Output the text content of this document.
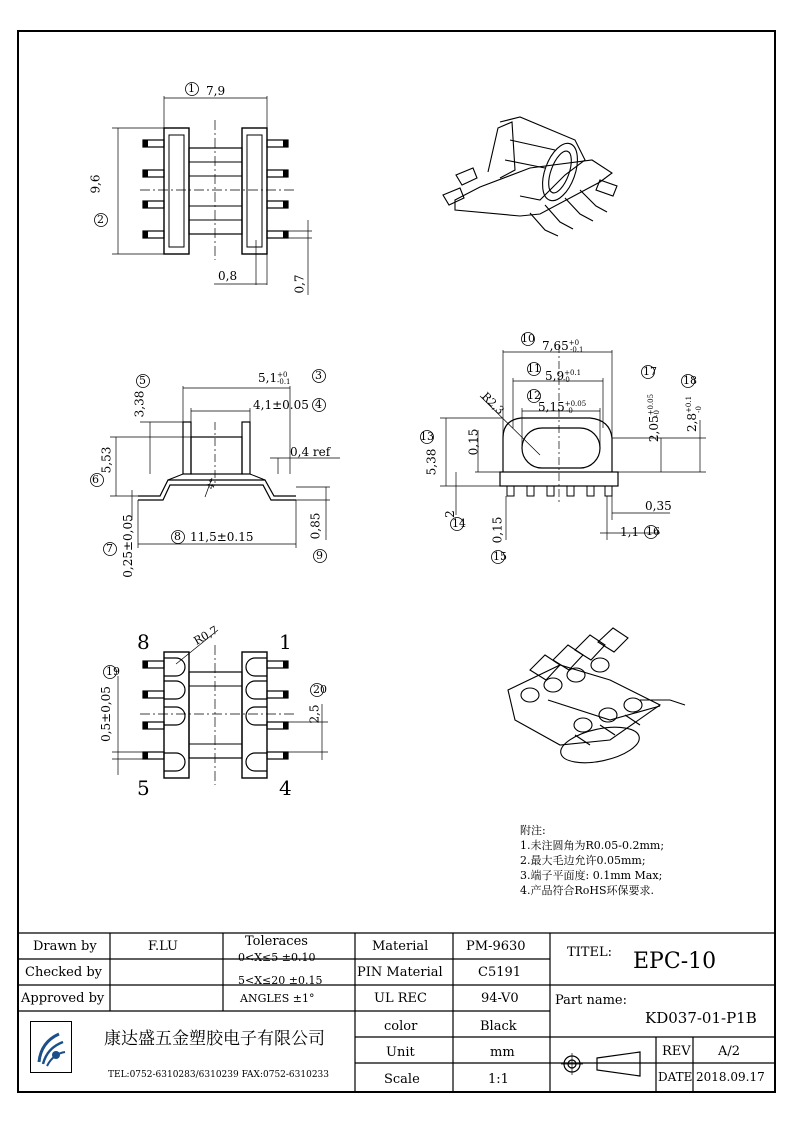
1 7,9
2
9,6
0,8	0,7
5
3,38
$5,1^{+0}$
-0.1 3
4,1±0.05 4
6
5,53
7 0,25±0,05	8 11,5±0.15
0,4 ref
0,85
9
4°
10
$7,65^{+0}$
-0.1
11
$5,9^{+0.1}$
-0
12
$5,15^{+0.05}$
-0
R2,3
13
5,38
0,15
2
14 0,15
15
0,35
1,1 16
17
$2,05^{+0.05}$
-0
18
$2,8^{+0.1}$ -0
8	1
5	4
R0,7
19
0,5±0,05	20
2,5
附注:
1.未注圆角为R0.05-0.2mm;
2.最大毛边允许0.05mm;
3.端子平面度: 0.1mm Max;
4.产品符合RoHS环保要求.
Drawn by	F.LU
Checked by
Approved by
Toleraces
0<X≤5 ±0.10
5<X≤20 ±0.15
ANGLES ±1°
Material	PM-9630
PIN Material	C5191
UL REC	94-V0
color	Black
Unit	mm
Scale	1:1
TITEL: EPC-10
Part name:
KD037-01-P1B
REV A/2
DATE 2018.09.17
康达盛五金塑胶电子有限公司
TEL:0752-6310283/6310239 FAX:0752-6310233
